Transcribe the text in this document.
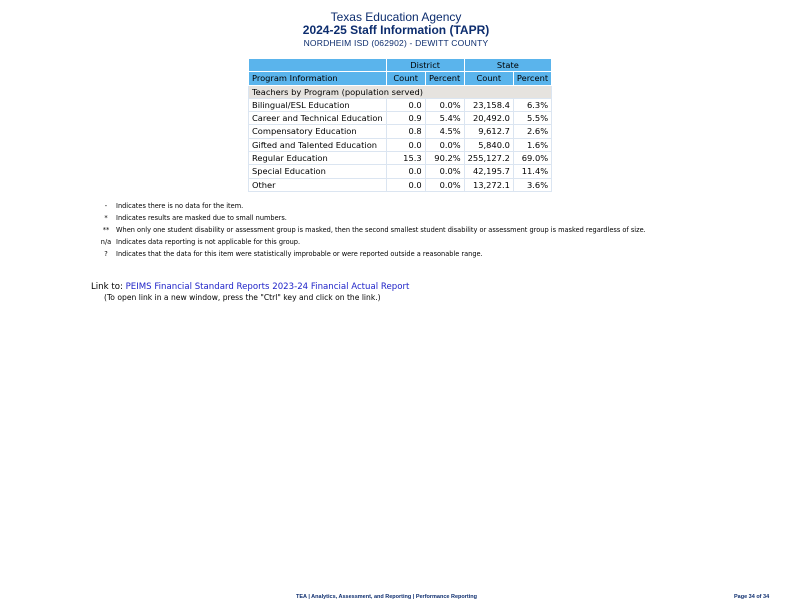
Texas Education Agency
2024-25 Staff Information (TAPR)
NORDHEIM ISD (062902) - DEWITT COUNTY
	District		State	
Program Information	Count	Percent	Count	Percent
Teachers by Program (population served)				
Bilingual/ESL Education	0.0	0.0%	23,158.4	6.3%
Career and Technical Education	0.9	5.4%	20,492.0	5.5%
Compensatory Education	0.8	4.5%	9,612.7	2.6%
Gifted and Talented Education	0.0	0.0%	5,840.0	1.6%
Regular Education	15.3	90.2%	255,127.2	69.0%
Special Education	0.0	0.0%	42,195.7	11.4%
Other	0.0	0.0%	13,272.1	3.6%
- Indicates there is no data for the item.
* Indicates results are masked due to small numbers.
** When only one student disability or assessment group is masked, then the second smallest student disability or assessment group is masked regardless of size.
n/a Indicates data reporting is not applicable for this group.
? Indicates that the data for this item were statistically improbable or were reported outside a reasonable range.
Link to: PEIMS Financial Standard Reports 2023-24 Financial Actual Report
(To open link in a new window, press the "Ctrl" key and click on the link.)
TEA | Analytics, Assessment, and Reporting | Performance Reporting	Page 34 of 34
